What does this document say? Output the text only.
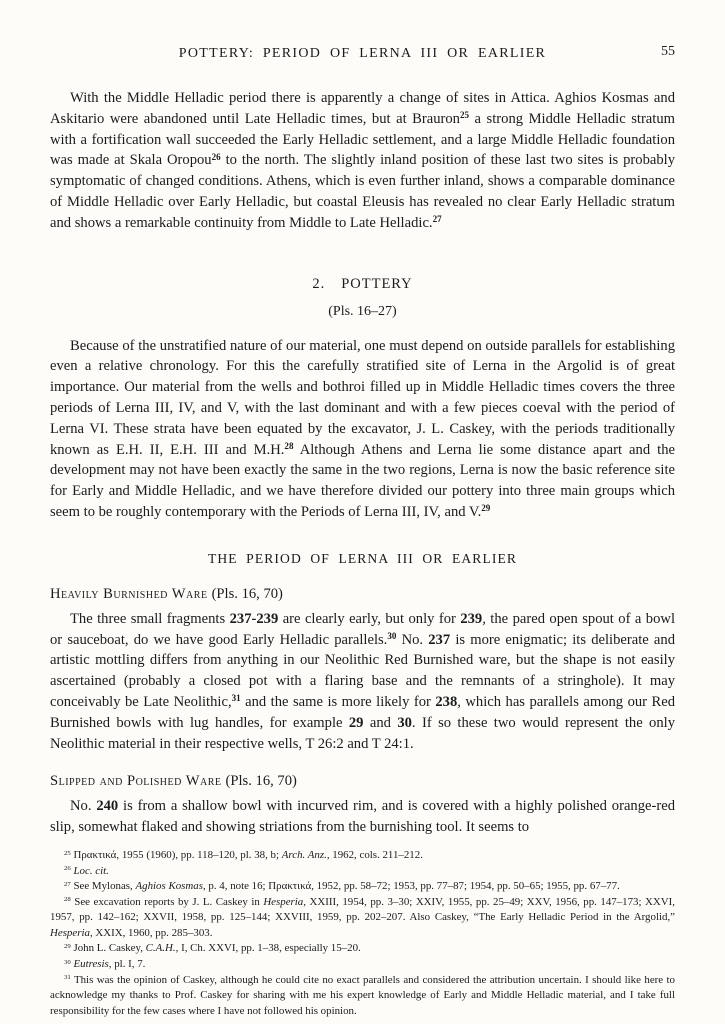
POTTERY: PERIOD OF LERNA III OR EARLIER	55

With the Middle Helladic period there is apparently a change of sites in Attica. Aghios Kosmas and Askitario were abandoned until Late Helladic times, but at Brauron$^{25}$ a strong Middle Helladic stratum with a fortification wall succeeded the Early Helladic settlement, and a large Middle Helladic foundation was made at Skala Oropou$^{26}$ to the north. The slightly inland position of these last two sites is probably symptomatic of changed conditions. Athens, which is even further inland, shows a comparable dominance of Middle Helladic over Early Helladic, but coastal Eleusis has revealed no clear Early Helladic stratum and shows a remarkable continuity from Middle to Late Helladic.$^{27}$

2. POTTERY
(Pls. 16–27)

Because of the unstratified nature of our material, one must depend on outside parallels for establishing even a relative chronology. For this the carefully stratified site of Lerna in the Argolid is of great importance. Our material from the wells and bothroi filled up in Middle Helladic times covers the three periods of Lerna III, IV, and V, with the last dominant and with a few pieces coeval with the period of Lerna VI. These strata have been equated by the excavator, J. L. Caskey, with the periods traditionally known as E.H. II, E.H. III and M.H.$^{28}$ Although Athens and Lerna lie some distance apart and the development may not have been exactly the same in the two regions, Lerna is now the basic reference site for Early and Middle Helladic, and we have therefore divided our pottery into three main groups which seem to be roughly contemporary with the Periods of Lerna III, IV, and V.$^{29}$

THE PERIOD OF LERNA III OR EARLIER
Heavily Burnished Ware (Pls. 16, 70)

The three small fragments 237-239 are clearly early, but only for 239, the pared open spout of a bowl or sauceboat, do we have good Early Helladic parallels.$^{30}$ No. 237 is more enigmatic; its deliberate and artistic mottling differs from anything in our Neolithic Red Burnished ware, but the shape is not easily ascertained (probably a closed pot with a flaring base and the remnants of a stringhole). It may conceivably be Late Neolithic,$^{31}$ and the same is more likely for 238, which has parallels among our Red Burnished bowls with lug handles, for example 29 and 30. If so these two would represent the only Neolithic material in their respective wells, T 26:2 and T 24:1.

Slipped and Polished Ware (Pls. 16, 70)

No. 240 is from a shallow bowl with incurved rim, and is covered with a highly polished orange-red slip, somewhat flaked and showing striations from the burnishing tool. It seems to

$^{25}$ Πρακτικά, 1955 (1960), pp. 118–120, pl. 38, b; Arch. Anz., 1962, cols. 211–212.

$^{26}$ Loc. cit.

$^{27}$ See Mylonas, Aghios Kosmas, p. 4, note 16; Πρακτικά, 1952, pp. 58–72; 1953, pp. 77–87; 1954, pp. 50–65; 1955, pp. 67–77.

$^{28}$ See excavation reports by J. L. Caskey in Hesperia, XXIII, 1954, pp. 3–30; XXIV, 1955, pp. 25–49; XXV, 1956, pp. 147–173; XXVI, 1957, pp. 142–162; XXVII, 1958, pp. 125–144; XXVIII, 1959, pp. 202–207. Also Caskey, “The Early Helladic Period in the Argolid,” Hesperia, XXIX, 1960, pp. 285–303.

$^{29}$ John L. Caskey, C.A.H., I, Ch. XXVI, pp. 1–38, especially 15–20.

$^{30}$ Eutresis, pl. I, 7.

$^{31}$ This was the opinion of Caskey, although he could cite no exact parallels and considered the attribution uncertain. I should like here to acknowledge my thanks to Prof. Caskey for sharing with me his expert knowledge of Early and Middle Helladic material, and I take full responsibility for the few cases where I have not followed his opinion.
